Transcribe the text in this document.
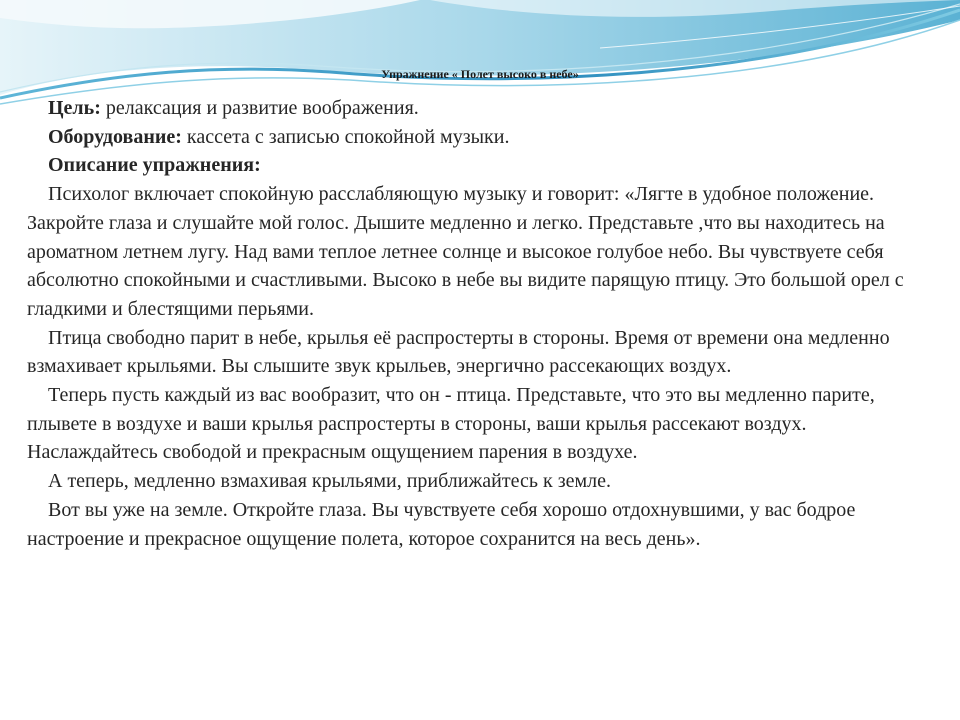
Упражнение « Полет высоко в небе»

Цель: релаксация и развитие воображения.

Оборудование: кассета с записью спокойной музыки.

Описание упражнения:

Психолог включает спокойную расслабляющую музыку и говорит: «Лягте в удобное положение. Закройте глаза и слушайте мой голос. Дышите медленно и легко. Представьте ,что вы находитесь на ароматном летнем лугу. Над вами теплое летнее солнце и высокое голубое небо. Вы чувствуете себя абсолютно спокойными и счастливыми. Высоко в небе вы видите парящую птицу. Это большой орел с гладкими и блестящими перьями.

Птица свободно парит в небе, крылья её распростерты в стороны. Время от времени она медленно взмахивает крыльями. Вы слышите звук крыльев, энергично рассекающих воздух.

Теперь пусть каждый из вас вообразит, что он - птица. Представьте, что это вы медленно парите, плывете в воздухе и ваши крылья распростерты в стороны, ваши крылья рассекают воздух. Наслаждайтесь свободой и прекрасным ощущением парения в воздухе.

А теперь, медленно взмахивая крыльями, приближайтесь к земле.

Вот вы уже на земле. Откройте глаза. Вы чувствуете себя хорошо отдохнувшими, у вас бодрое настроение и прекрасное ощущение полета, которое сохранится на весь день».
